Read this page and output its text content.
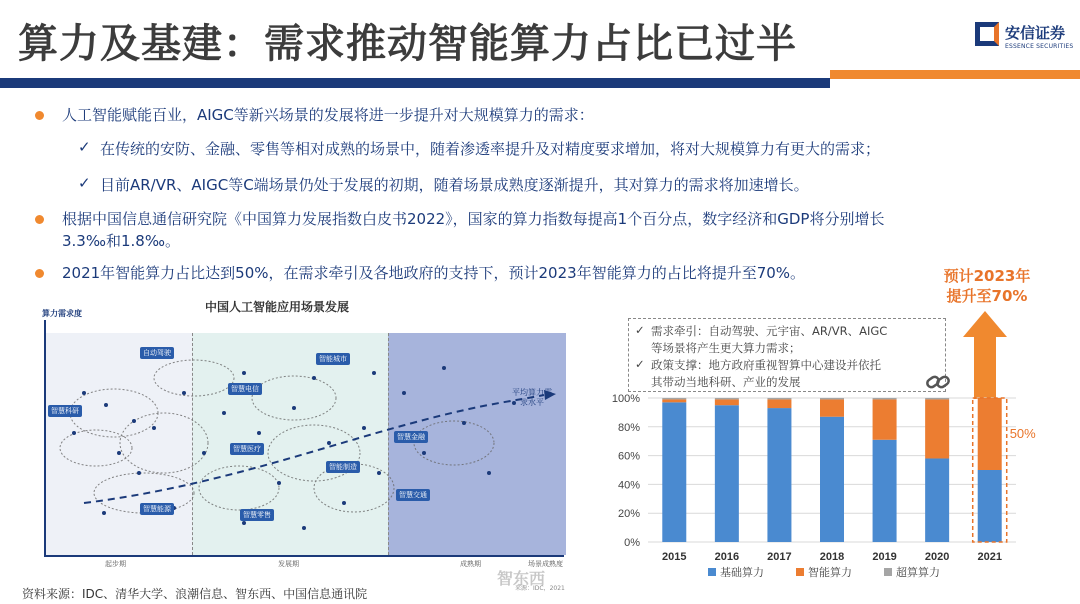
算力及基建：需求推动智能算力占比已过半	安信证券
ESSENCE SECURITIES
人工智能赋能百业，AIGC等新兴场景的发展将进一步提升对大规模算力的需求：
✓ 在传统的安防、金融、零售等相对成熟的场景中，随着渗透率提升及对精度要求增加，将对大规模算力有更大的需求；
✓ 目前AR/VR、AIGC等C端场景仍处于发展的初期，随着场景成熟度逐渐提升，其对算力的需求将加速增长。
根据中国信息通信研究院《中国算力发展指数白皮书2022》，国家的算力指数每提高1个百分点，数字经济和GDP将分别增长
3.3‰和1.8‰。
2021年智能算力占比达到50%，在需求牵引及各地政府的支持下，预计2023年智能算力的占比将提升至70%。
中国人工智能应用场景发展
算力需求度
自动驾驶
智能城市
智慧电信
智慧科研
智慧医疗
智能制造
智慧金融
智慧交通
智慧能源
智慧零售
平均算力需求水平
起步期	发展期	成熟期	场景成熟度
✓ 需求牵引：自动驾驶、元宇宙、AR/VR、AIGC
等场景将产生更大算力需求；
✓ 政策支撑：地方政府重视智算中心建设并依托
其带动当地科研、产业的发展
预计2023年
提升至70%
0%
20%
40%
60%
80%
100%
2015	2016	2017	2018	2019	2020	2021
50%
基础算力	智能算力	超算算力
资料来源：IDC、清华大学、浪潮信息、智东西、中国信息通讯院
智东西
来源：IDC，2021
